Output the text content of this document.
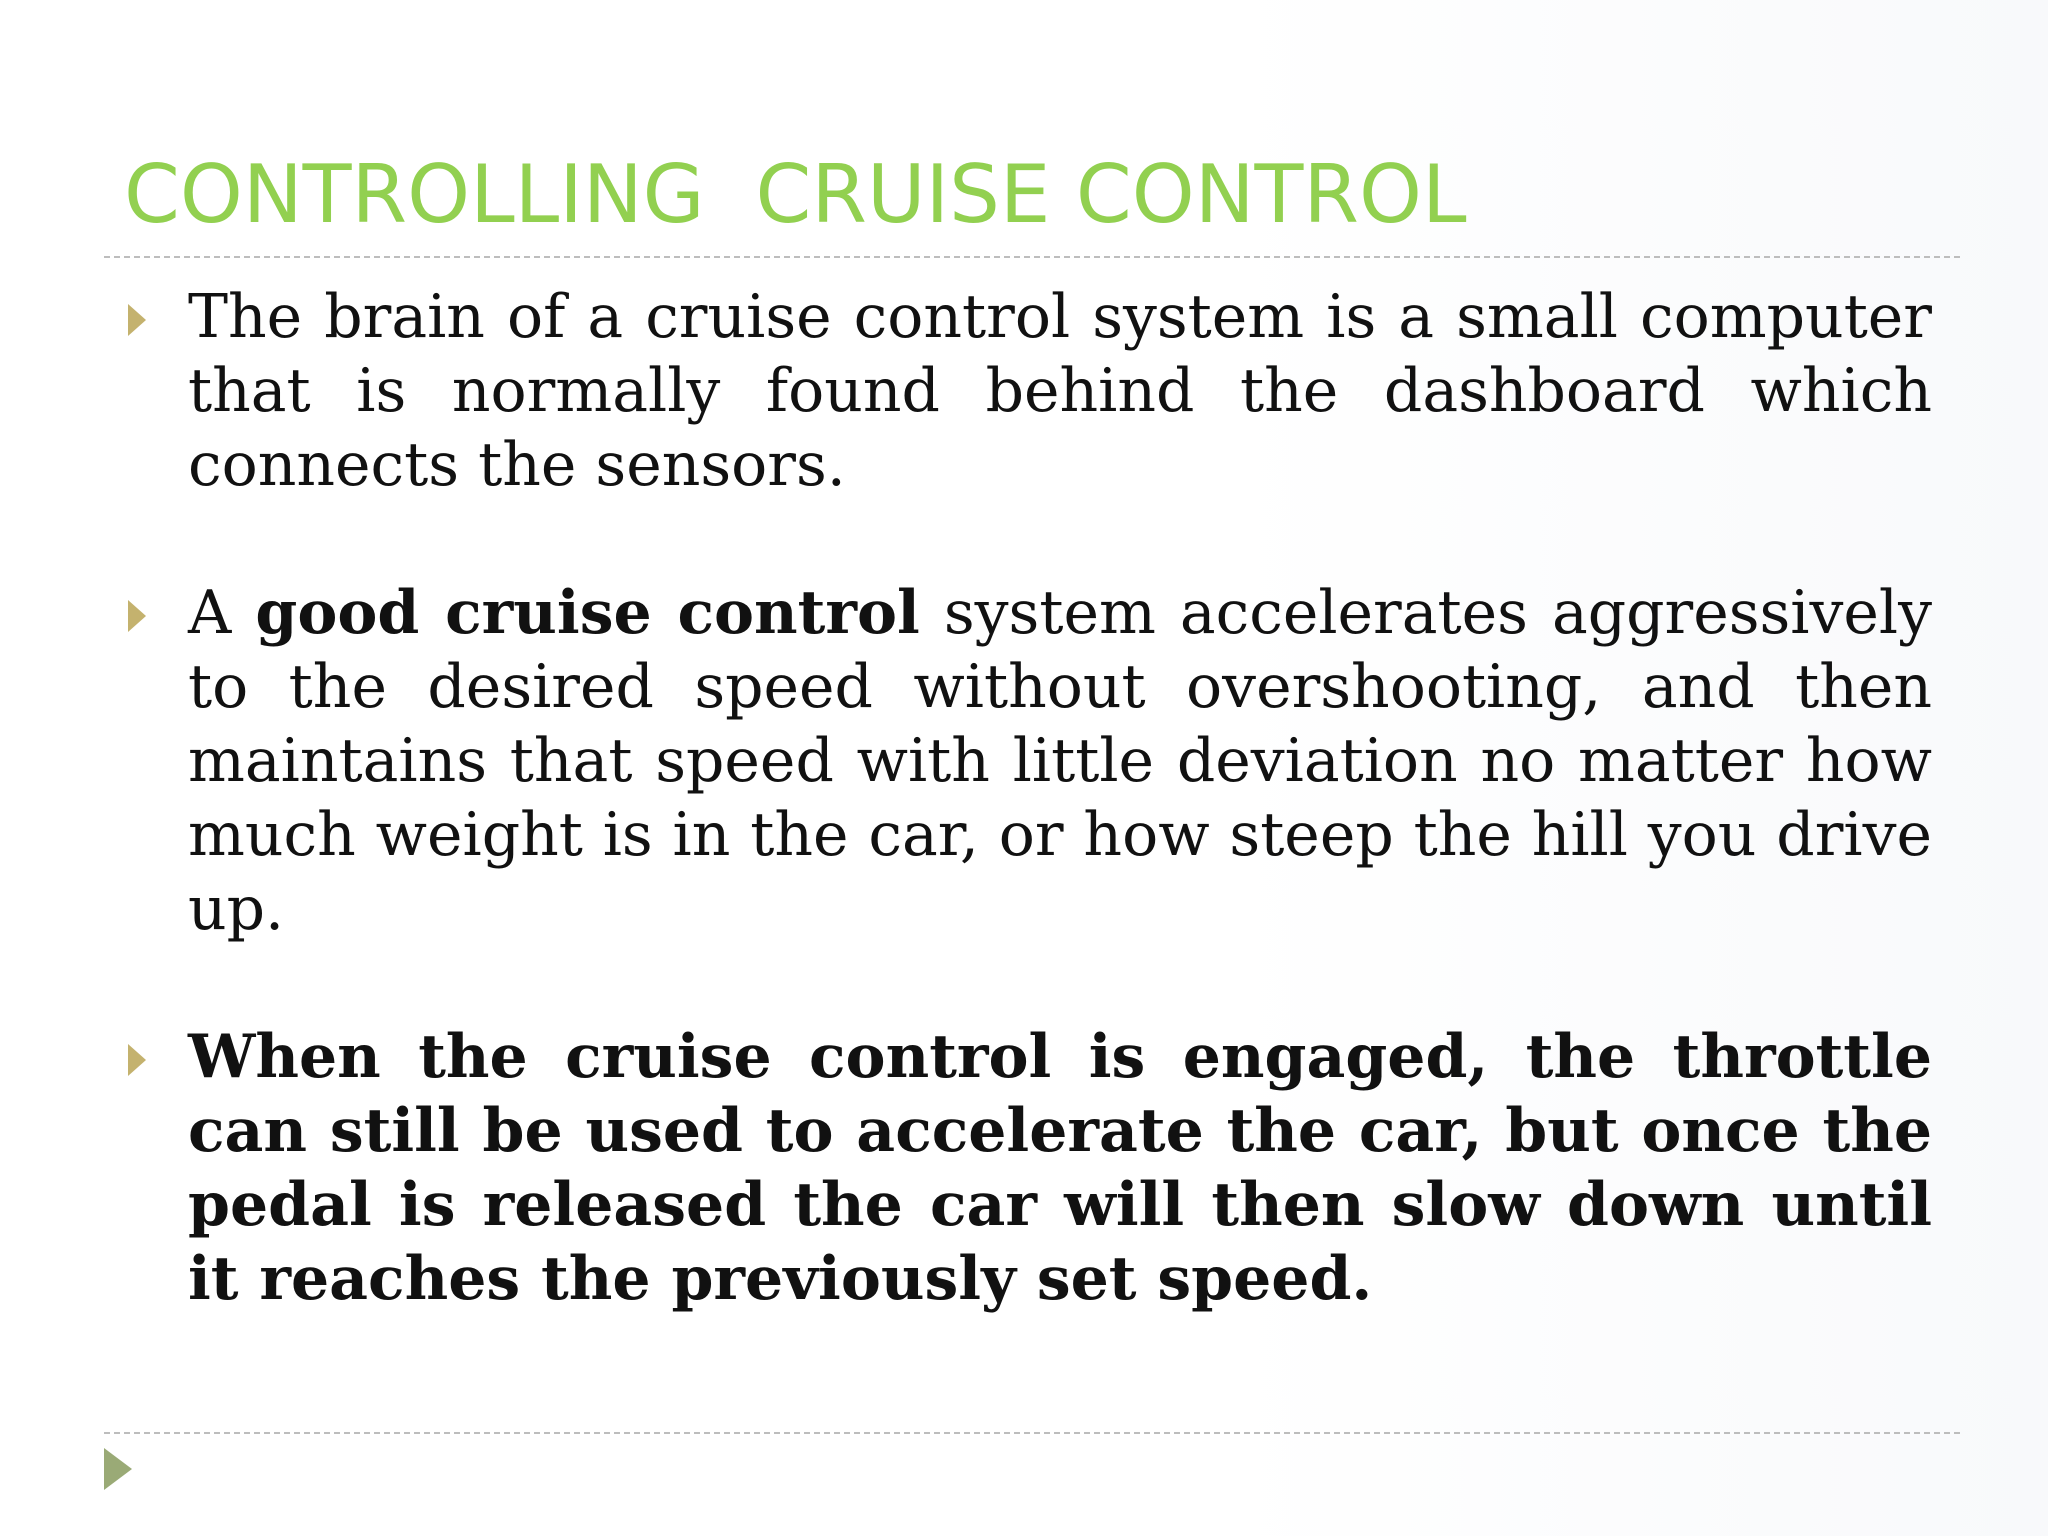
CONTROLLING  CRUISE CONTROL
The brain of a cruise control system is a small computer that is normally found behind the dashboard which connects the sensors.
A good cruise control system accelerates aggressively to the desired speed without overshooting, and then maintains that speed with little deviation no matter how much weight is in the car, or how steep the hill you drive up.
When the cruise control is engaged, the throttle can still be used to accelerate the car, but once the pedal is released the car will then slow down until it reaches the previously set speed.
